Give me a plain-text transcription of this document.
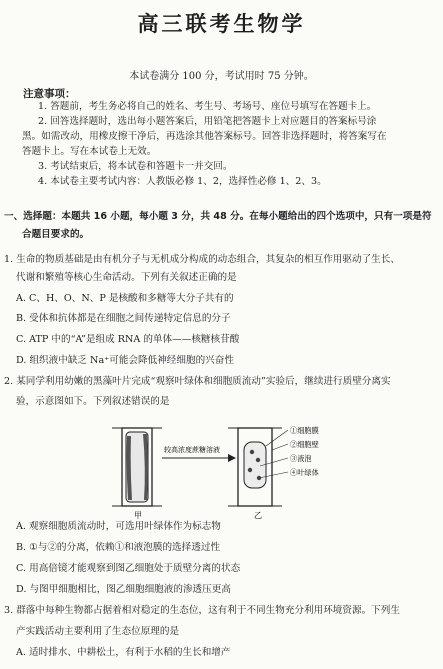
高三联考生物学

本试卷满分 100 分，考试用时 75 分钟。

注意事项：

1. 答题前，考生务必将自己的姓名、考生号、考场号、座位号填写在答题卡上。

2. 回答选择题时，选出每小题答案后，用铅笔把答题卡上对应题目的答案标号涂

黑。如需改动，用橡皮擦干净后，再选涂其他答案标号。回答非选择题时，将答案写在

答题卡上。写在本试卷上无效。

3. 考试结束后，将本试卷和答题卡一并交回。

4. 本试卷主要考试内容：人教版必修 1、2，选择性必修 1、2、3。

一、选择题：本题共 16 小题，每小题 3 分，共 48 分。在每小题给出的四个选项中，只有一项是符

合题目要求的。

1. 生命的物质基础是由有机分子与无机成分构成的动态组合，其复杂的相互作用驱动了生长、

代谢和繁殖等核心生命活动。下列有关叙述正确的是

A. C、H、O、N、P 是核酸和多糖等大分子共有的

B. 受体和抗体都是在细胞之间传递特定信息的分子

C. ATP 中的“A”是组成 RNA 的单体——核糖核苷酸

D. 组织液中缺乏 Na⁺可能会降低神经细胞的兴奋性

2. 某同学利用幼嫩的黑藻叶片完成“观察叶绿体和细胞质流动”实验后，继续进行质壁分离实

验，示意图如下。下列叙述错误的是

甲
较高浓度蔗糖溶液
乙
①细胞膜
②细胞壁
③液泡
④叶绿体

A. 观察细胞质流动时，可选用叶绿体作为标志物

B. ①与②的分离，依赖①和液泡膜的选择透过性

C. 用高倍镜才能观察到图乙细胞处于质壁分离的状态

D. 与图甲细胞相比，图乙细胞细胞液的渗透压更高

3. 群落中每种生物都占据着相对稳定的生态位，这有利于不同生物充分利用环境资源。下列生

产实践活动主要利用了生态位原理的是

A. 适时排水、中耕松土，有利于水稻的生长和增产
